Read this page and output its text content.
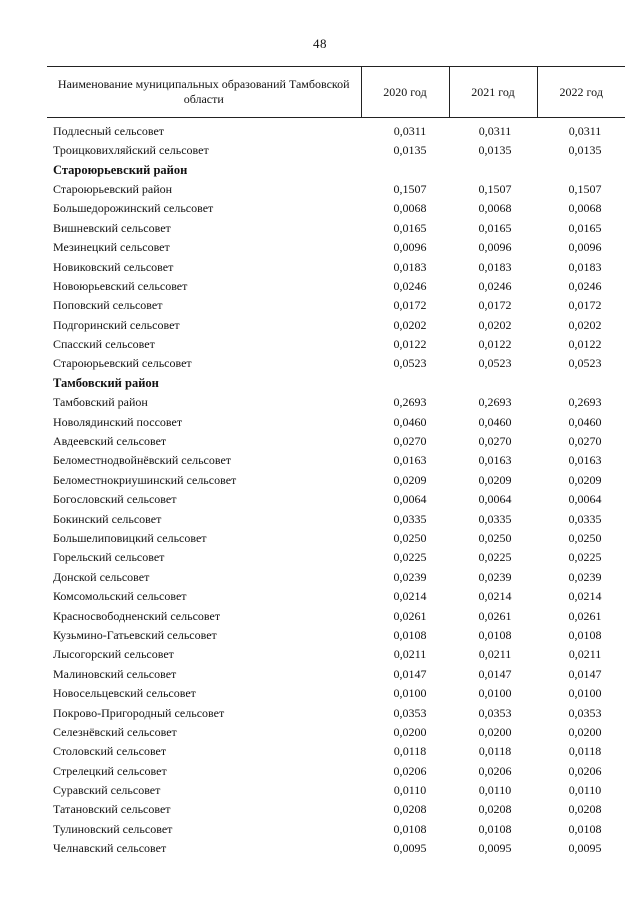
48
Наименование муниципальных образований Тамбовской области	2020 год	2021 год	2022 год
Подлесный сельсовет	0,0311	0,0311	0,0311
Троицковихляйский сельсовет	0,0135	0,0135	0,0135
Староюрьевский район			
Староюрьевский район	0,1507	0,1507	0,1507
Большедорожинский сельсовет	0,0068	0,0068	0,0068
Вишневский сельсовет	0,0165	0,0165	0,0165
Мезинецкий сельсовет	0,0096	0,0096	0,0096
Новиковский сельсовет	0,0183	0,0183	0,0183
Новоюрьевский сельсовет	0,0246	0,0246	0,0246
Поповский сельсовет	0,0172	0,0172	0,0172
Подгоринский сельсовет	0,0202	0,0202	0,0202
Спасский сельсовет	0,0122	0,0122	0,0122
Староюрьевский сельсовет	0,0523	0,0523	0,0523
Тамбовский район			
Тамбовский район	0,2693	0,2693	0,2693
Новолядинский поссовет	0,0460	0,0460	0,0460
Авдеевский сельсовет	0,0270	0,0270	0,0270
Беломестнодвойнёвский сельсовет	0,0163	0,0163	0,0163
Беломестнокриушинский сельсовет	0,0209	0,0209	0,0209
Богословский сельсовет	0,0064	0,0064	0,0064
Бокинский сельсовет	0,0335	0,0335	0,0335
Большелиповицкий сельсовет	0,0250	0,0250	0,0250
Горельский сельсовет	0,0225	0,0225	0,0225
Донской сельсовет	0,0239	0,0239	0,0239
Комсомольский сельсовет	0,0214	0,0214	0,0214
Красносвободненский сельсовет	0,0261	0,0261	0,0261
Кузьмино-Гатьевский сельсовет	0,0108	0,0108	0,0108
Лысогорский сельсовет	0,0211	0,0211	0,0211
Малиновский сельсовет	0,0147	0,0147	0,0147
Новосельцевский сельсовет	0,0100	0,0100	0,0100
Покрово-Пригородный сельсовет	0,0353	0,0353	0,0353
Селезнёвский сельсовет	0,0200	0,0200	0,0200
Столовский сельсовет	0,0118	0,0118	0,0118
Стрелецкий сельсовет	0,0206	0,0206	0,0206
Суравский сельсовет	0,0110	0,0110	0,0110
Татановский сельсовет	0,0208	0,0208	0,0208
Тулиновский сельсовет	0,0108	0,0108	0,0108
Челнавский сельсовет	0,0095	0,0095	0,0095
